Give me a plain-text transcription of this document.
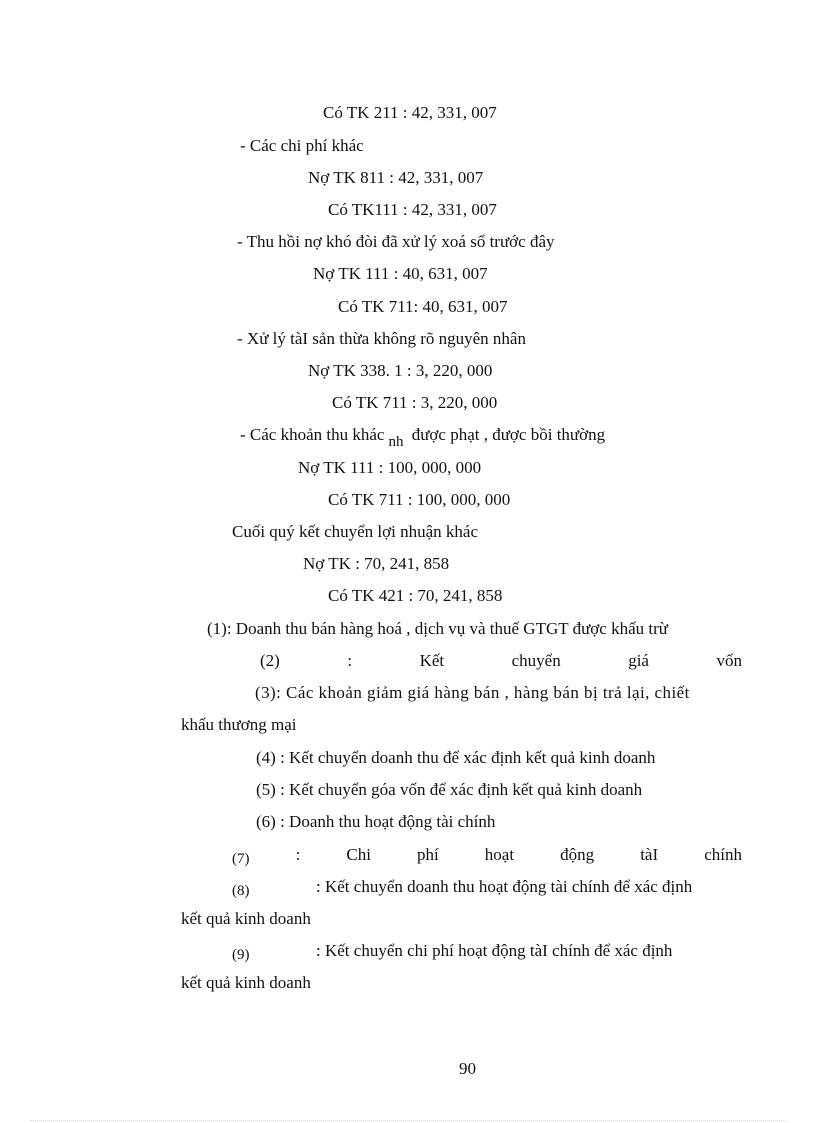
Có TK 211 : 42, 331, 007
- Các chi phí khác
Nợ TK 811 : 42, 331, 007
Có TK111 : 42, 331, 007
- Thu hồi nợ khó đòi đã xử lý xoá sổ trước đây
Nợ TK 111 : 40, 631, 007
Có TK 711: 40, 631, 007
- Xử lý tàI sản thừa không rõ nguyên nhân
Nợ TK 338. 1 : 3, 220, 000
Có TK 711 : 3, 220, 000
- Các khoản thu khác nh được phạt , được bồi thường
Nợ TK 111 : 100, 000, 000
Có TK 711 : 100, 000, 000
Cuối quý kết chuyển lợi nhuận khác
Nợ TK : 70, 241, 858
Có TK 421 : 70, 241, 858
(1): Doanh thu bán hàng hoá , dịch vụ và thuế GTGT được khấu trừ
(2)	:	Kết	chuyển	giá	vốn
(3): Các khoản giảm giá hàng bán , hàng bán bị trả lại, chiết
khấu thương mại
(4) : Kết chuyển doanh thu để xác định kết quả kinh doanh
(5) : Kết chuyển góa vốn để xác định kết quả kinh doanh
(6) : Doanh thu hoạt động tài chính
(7)	:	Chi	phí	hoạt	động	tàI	chính
(8)	: Kết chuyển doanh thu hoạt động tài chính để xác định
kết quả kinh doanh
(9)	: Kết chuyển chi phí hoạt động tàI chính để xác định
kết quả kinh doanh
90
